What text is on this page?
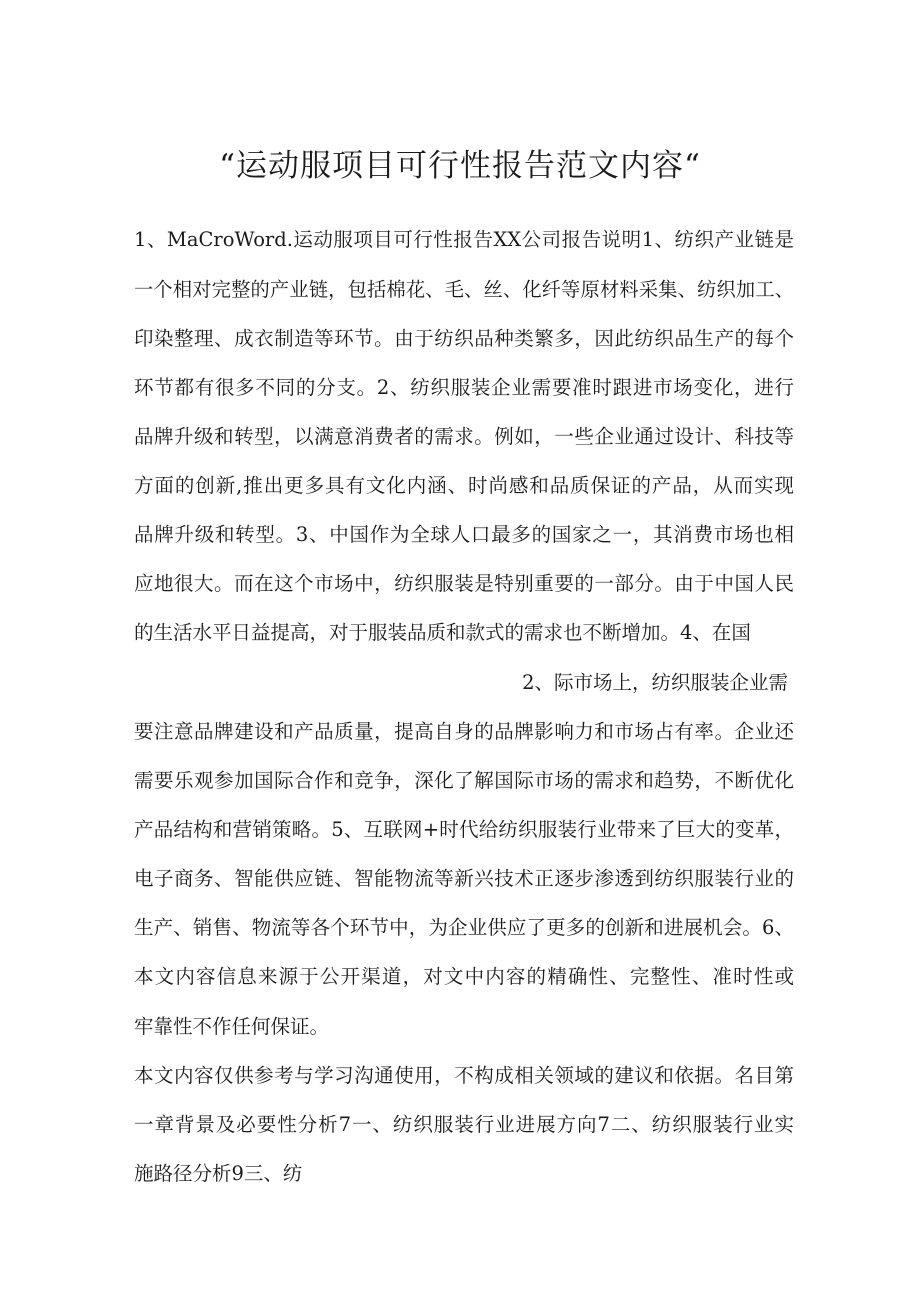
“运动服项目可行性报告范文内容“
1、MaCroWord.运动服项目可行性报告XX公司报告说明1、纺织产业链是
一个相对完整的产业链，包括棉花、毛、丝、化纤等原材料采集、纺织加工、
印染整理、成衣制造等环节。由于纺织品种类繁多，因此纺织品生产的每个
环节都有很多不同的分支。2、纺织服装企业需要准时跟进市场变化，进行
品牌升级和转型，以满意消费者的需求。例如，一些企业通过设计、科技等
方面的创新,推出更多具有文化内涵、时尚感和品质保证的产品，从而实现
品牌升级和转型。3、中国作为全球人口最多的国家之一，其消费市场也相
应地很大。而在这个市场中，纺织服装是特别重要的一部分。由于中国人民
的生活水平日益提高，对于服装品质和款式的需求也不断增加。4、在国
2、际市场上，纺织服装企业需
要注意品牌建设和产品质量，提高自身的品牌影响力和市场占有率。企业还
需要乐观参加国际合作和竞争，深化了解国际市场的需求和趋势，不断优化
产品结构和营销策略。5、互联网+时代给纺织服装行业带来了巨大的变革，
电子商务、智能供应链、智能物流等新兴技术正逐步渗透到纺织服装行业的
生产、销售、物流等各个环节中，为企业供应了更多的创新和进展机会。6、
本文内容信息来源于公开渠道，对文中内容的精确性、完整性、准时性或
牢靠性不作任何保证。
本文内容仅供参考与学习沟通使用，不构成相关领域的建议和依据。名目第
一章背景及必要性分析7一、纺织服装行业进展方向7二、纺织服装行业实
施路径分析9三、纺
